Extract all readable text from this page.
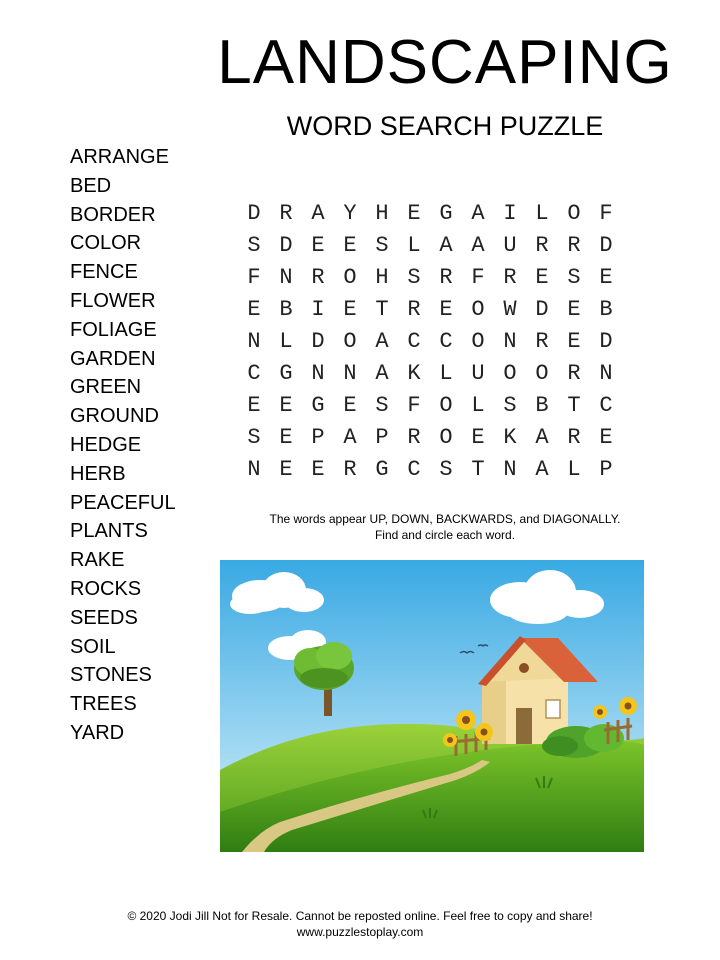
LANDSCAPING
WORD SEARCH PUZZLE
ARRANGE
BED
BORDER
COLOR
FENCE
FLOWER
FOLIAGE
GARDEN
GREEN
GROUND
HEDGE
HERB
PEACEFUL
PLANTS
RAKE
ROCKS
SEEDS
SOIL
STONES
TREES
YARD
D R A Y H E G A I L O F
S D E E S L A A U R R D
F N R O H S R F R E S E
E B I E T R E O W D E B
N L D O A C C O N R E D
C G N N A K L U O O R N
E E G E S F O L S B T C
S E P A P R O E K A R E
N E E R G C S T N A L P
The words appear UP, DOWN, BACKWARDS, and DIAGONALLY.
Find and circle each word.
© 2020 Jodi Jill Not for Resale. Cannot be reposted online. Feel free to copy and share!
www.puzzlestoplay.com
